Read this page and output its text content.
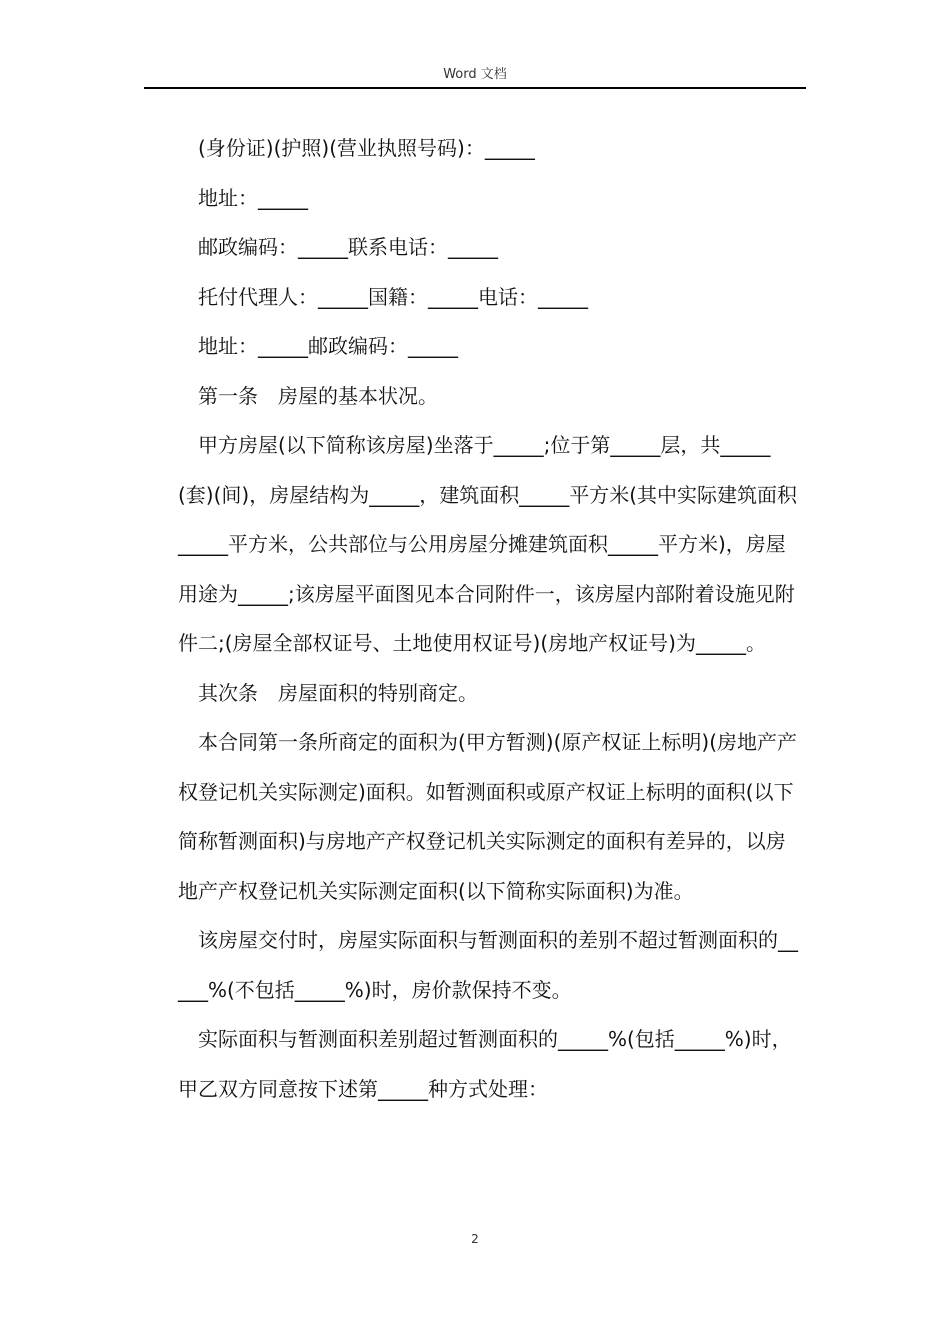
Word 文档

(身份证)(护照)(营业执照号码)：_____

地址：_____

邮政编码：_____联系电话：_____

托付代理人：_____国籍：_____电话：_____

地址：_____邮政编码：_____

第一条　房屋的基本状况。

甲方房屋(以下简称该房屋)坐落于_____;位于第_____层，共_____(套)(间)，房屋结构为_____，建筑面积_____平方米(其中实际建筑面积_____平方米，公共部位与公用房屋分摊建筑面积_____平方米)，房屋用途为_____;该房屋平面图见本合同附件一，该房屋内部附着设施见附件二;(房屋全部权证号、土地使用权证号)(房地产权证号)为_____。

其次条　房屋面积的特别商定。

本合同第一条所商定的面积为(甲方暂测)(原产权证上标明)(房地产产权登记机关实际测定)面积。如暂测面积或原产权证上标明的面积(以下简称暂测面积)与房地产产权登记机关实际测定的面积有差异的，以房地产产权登记机关实际测定面积(以下简称实际面积)为准。

该房屋交付时，房屋实际面积与暂测面积的差别不超过暂测面积的_____%(不包括_____%)时，房价款保持不变。

实际面积与暂测面积差别超过暂测面积的_____%(包括_____%)时，甲乙双方同意按下述第_____种方式处理：

2
